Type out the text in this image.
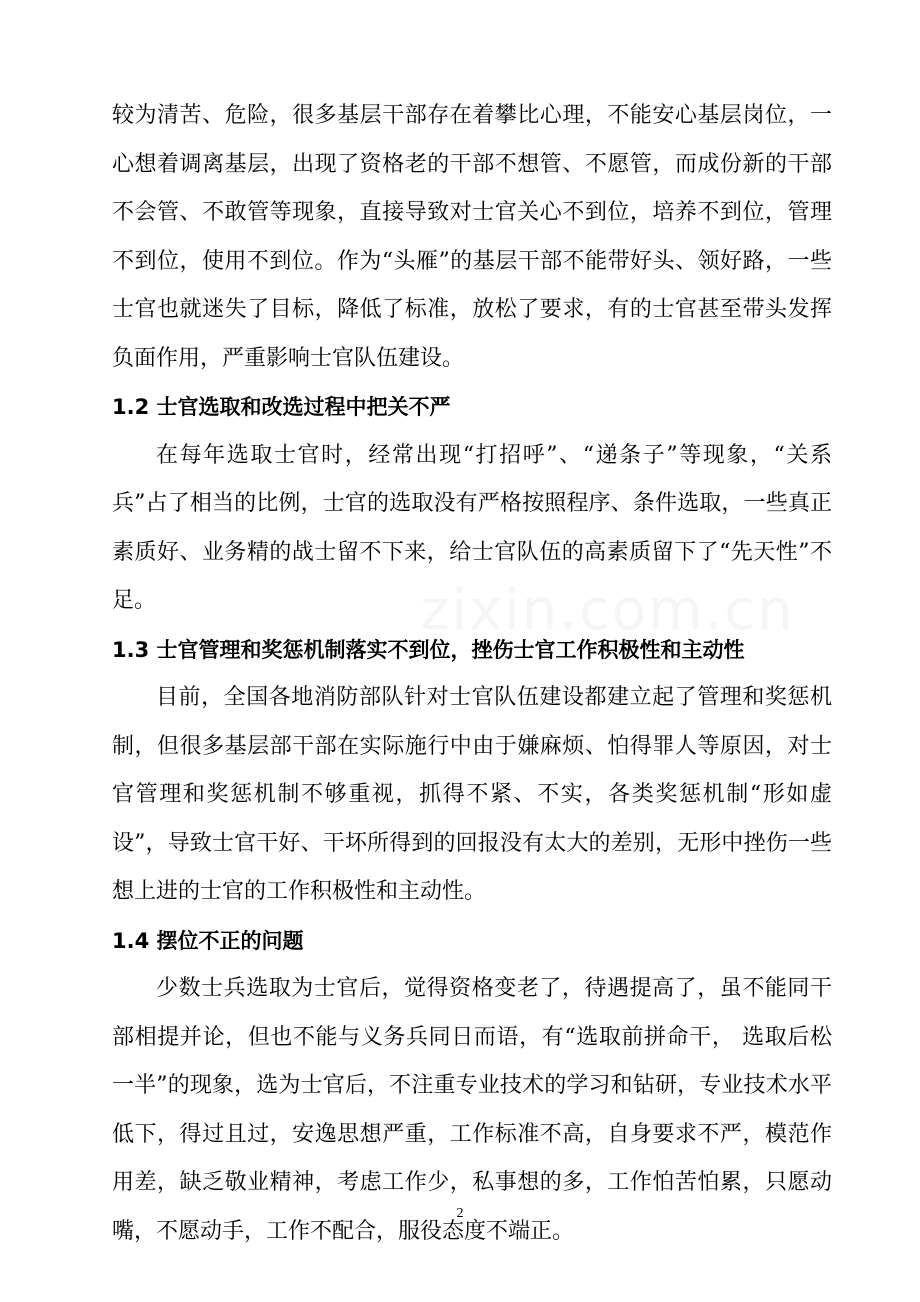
zixin.com.cn

较为清苦、危险，很多基层干部存在着攀比心理，不能安心基层岗位，一心想着调离基层，出现了资格老的干部不想管、不愿管，而成份新的干部不会管、不敢管等现象，直接导致对士官关心不到位，培养不到位，管理不到位，使用不到位。作为“头雁”的基层干部不能带好头、领好路，一些士官也就迷失了目标，降低了标准，放松了要求，有的士官甚至带头发挥负面作用，严重影响士官队伍建设。

1.2 士官选取和改选过程中把关不严

在每年选取士官时，经常出现“打招呼”、“递条子”等现象，“关系兵”占了相当的比例，士官的选取没有严格按照程序、条件选取，一些真正素质好、业务精的战士留不下来，给士官队伍的高素质留下了“先天性”不足。

1.3 士官管理和奖惩机制落实不到位，挫伤士官工作积极性和主动性

目前，全国各地消防部队针对士官队伍建设都建立起了管理和奖惩机制，但很多基层部干部在实际施行中由于嫌麻烦、怕得罪人等原因，对士官管理和奖惩机制不够重视，抓得不紧、不实，各类奖惩机制“形如虚设”，导致士官干好、干坏所得到的回报没有太大的差别，无形中挫伤一些想上进的士官的工作积极性和主动性。

1.4 摆位不正的问题

少数士兵选取为士官后，觉得资格变老了，待遇提高了，虽不能同干部相提并论，但也不能与义务兵同日而语，有“选取前拼命干， 选取后松一半”的现象，选为士官后，不注重专业技术的学习和钻研，专业技术水平低下，得过且过，安逸思想严重，工作标准不高，自身要求不严，模范作用差，缺乏敬业精神，考虑工作少，私事想的多，工作怕苦怕累，只愿动嘴，不愿动手，工作不配合，服役态度不端正。

2
